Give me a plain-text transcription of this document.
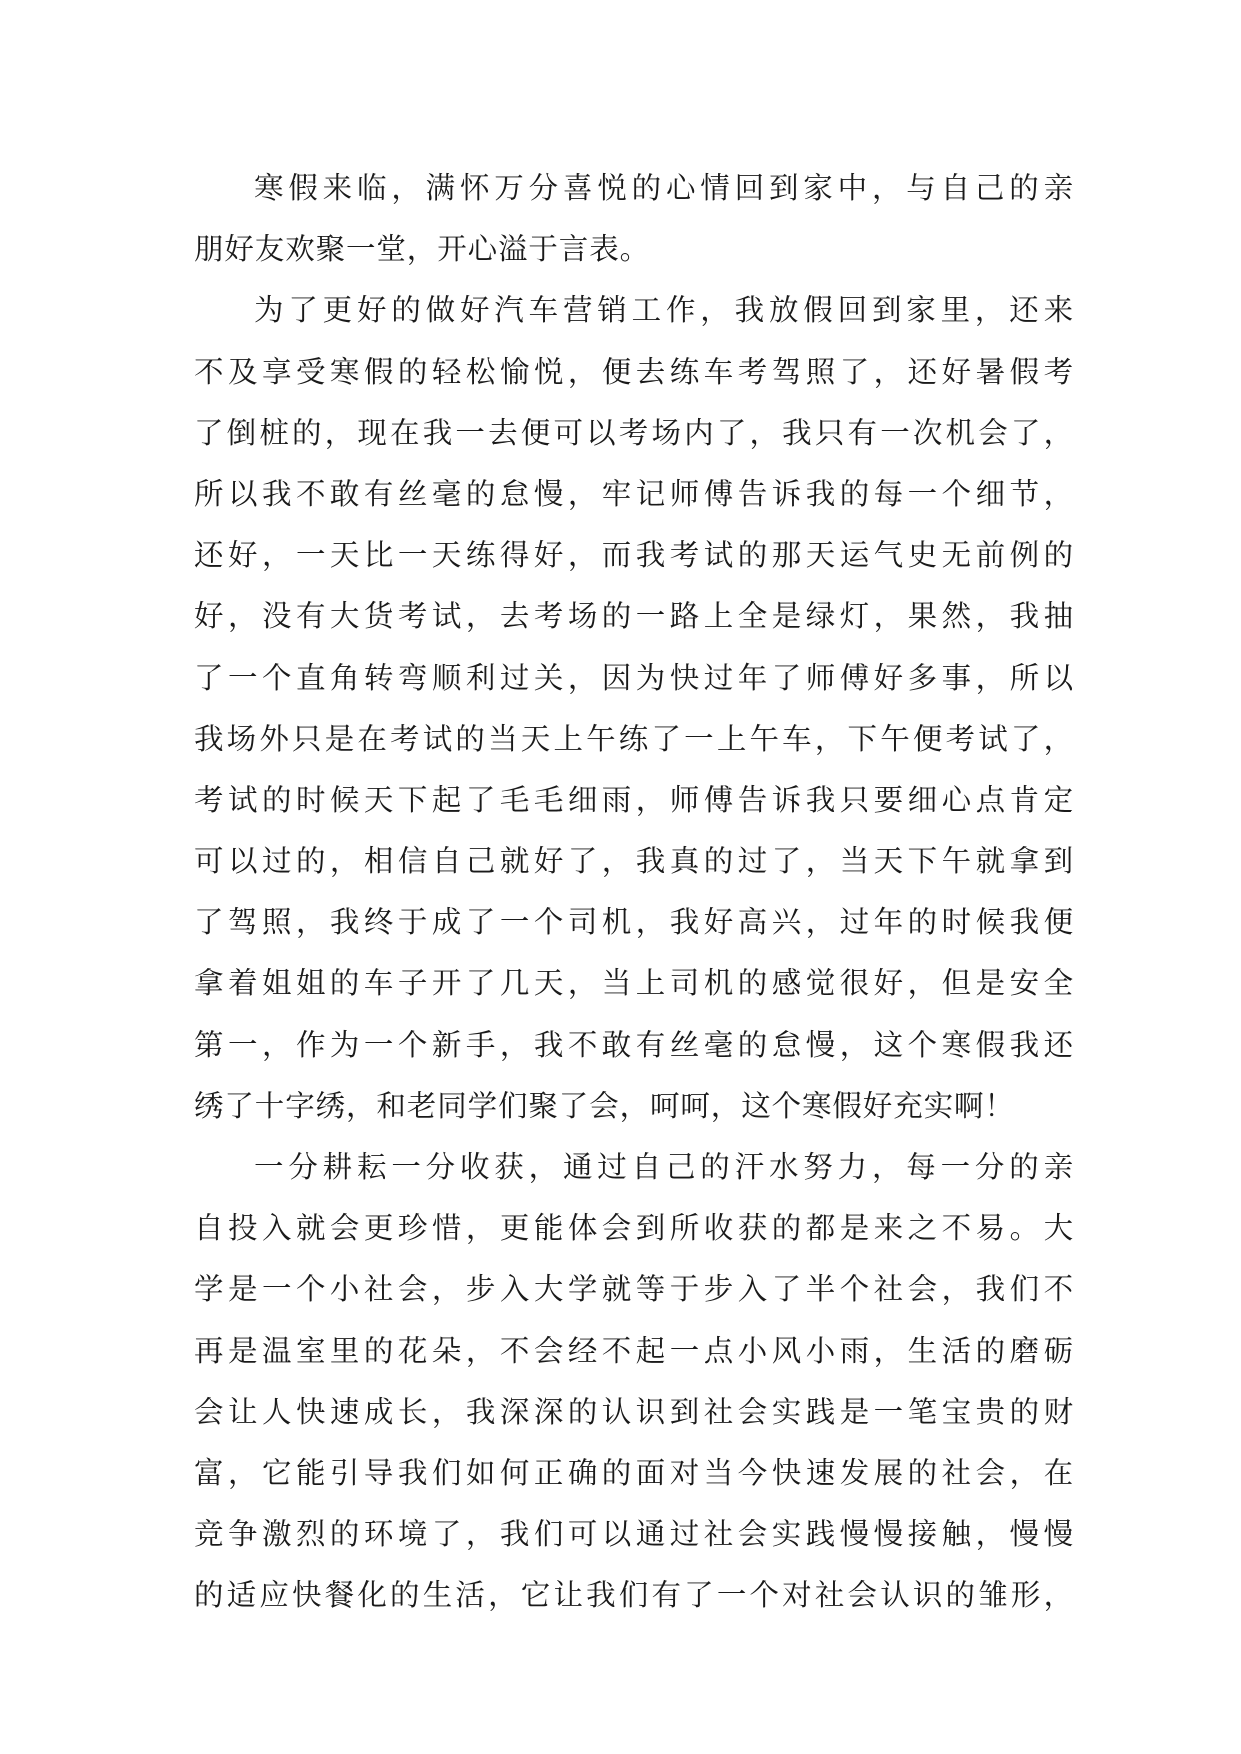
寒假来临，满怀万分喜悦的心情回到家中，与自己的亲
朋好友欢聚一堂，开心溢于言表。
为了更好的做好汽车营销工作，我放假回到家里，还来
不及享受寒假的轻松愉悦，便去练车考驾照了，还好暑假考
了倒桩的，现在我一去便可以考场内了，我只有一次机会了，
所以我不敢有丝毫的怠慢，牢记师傅告诉我的每一个细节，
还好，一天比一天练得好，而我考试的那天运气史无前例的
好，没有大货考试，去考场的一路上全是绿灯，果然，我抽
了一个直角转弯顺利过关，因为快过年了师傅好多事，所以
我场外只是在考试的当天上午练了一上午车，下午便考试了，
考试的时候天下起了毛毛细雨，师傅告诉我只要细心点肯定
可以过的，相信自己就好了，我真的过了，当天下午就拿到
了驾照，我终于成了一个司机，我好高兴，过年的时候我便
拿着姐姐的车子开了几天，当上司机的感觉很好，但是安全
第一，作为一个新手，我不敢有丝毫的怠慢，这个寒假我还
绣了十字绣，和老同学们聚了会，呵呵，这个寒假好充实啊！
一分耕耘一分收获，通过自己的汗水努力，每一分的亲
自投入就会更珍惜，更能体会到所收获的都是来之不易。大
学是一个小社会，步入大学就等于步入了半个社会，我们不
再是温室里的花朵，不会经不起一点小风小雨，生活的磨砺
会让人快速成长，我深深的认识到社会实践是一笔宝贵的财
富，它能引导我们如何正确的面对当今快速发展的社会，在
竞争激烈的环境了，我们可以通过社会实践慢慢接触，慢慢
的适应快餐化的生活，它让我们有了一个对社会认识的雏形，
